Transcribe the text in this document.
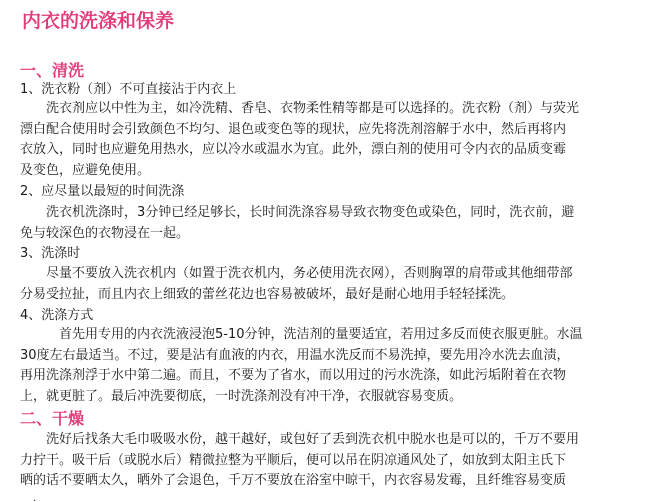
内衣的洗涤和保养
一、清洗
1、洗衣粉（剂）不可直接沾于内衣上
　　洗衣剂应以中性为主，如冷洗精、香皂、衣物柔性精等都是可以选择的。洗衣粉（剂）与荧光
漂白配合使用时会引致颜色不均匀、退色或变色等的现状，应先将洗剂溶解于水中，然后再将内
衣放入，同时也应避免用热水，应以冷水或温水为宜。此外，漂白剂的使用可令内衣的品质变霉
及变色，应避免使用。
2、应尽量以最短的时间洗涤
　　洗衣机洗涤时，3分钟已经足够长，长时间洗涤容易导致衣物变色或染色，同时，洗衣前，避
免与较深色的衣物浸在一起。
3、洗涤时
　　尽量不要放入洗衣机内（如置于洗衣机内，务必使用洗衣网），否则胸罩的肩带或其他细带部
分易受拉扯，而且内衣上细致的蕾丝花边也容易被破坏，最好是耐心地用手轻轻揉洗。
4、洗涤方式
　　　首先用专用的内衣洗液浸泡5-10分钟，洗洁剂的量要适宜，若用过多反而使衣服更脏。水温
30度左右最适当。不过，要是沾有血液的内衣，用温水洗反而不易洗掉，要先用冷水洗去血渍，
再用洗涤剂浮于水中第二遍。而且，不要为了省水，而以用过的污水洗涤，如此污垢附着在衣物
上，就更脏了。最后冲洗要彻底，一时洗涤剂没有冲干净，衣服就容易变质。
二、干燥
　　洗好后找条大毛巾吸吸水份，越干越好，或包好了丢到洗衣机中脱水也是可以的，千万不要用
力拧干。吸干后（或脱水后）精微拉整为平顺后，便可以吊在阴凉通风处了，如放到太阳主氏下
晒的话不要晒太久，晒外了会退色，千万不要放在浴室中晾干，内衣容易发霉，且纤维容易变质
.
